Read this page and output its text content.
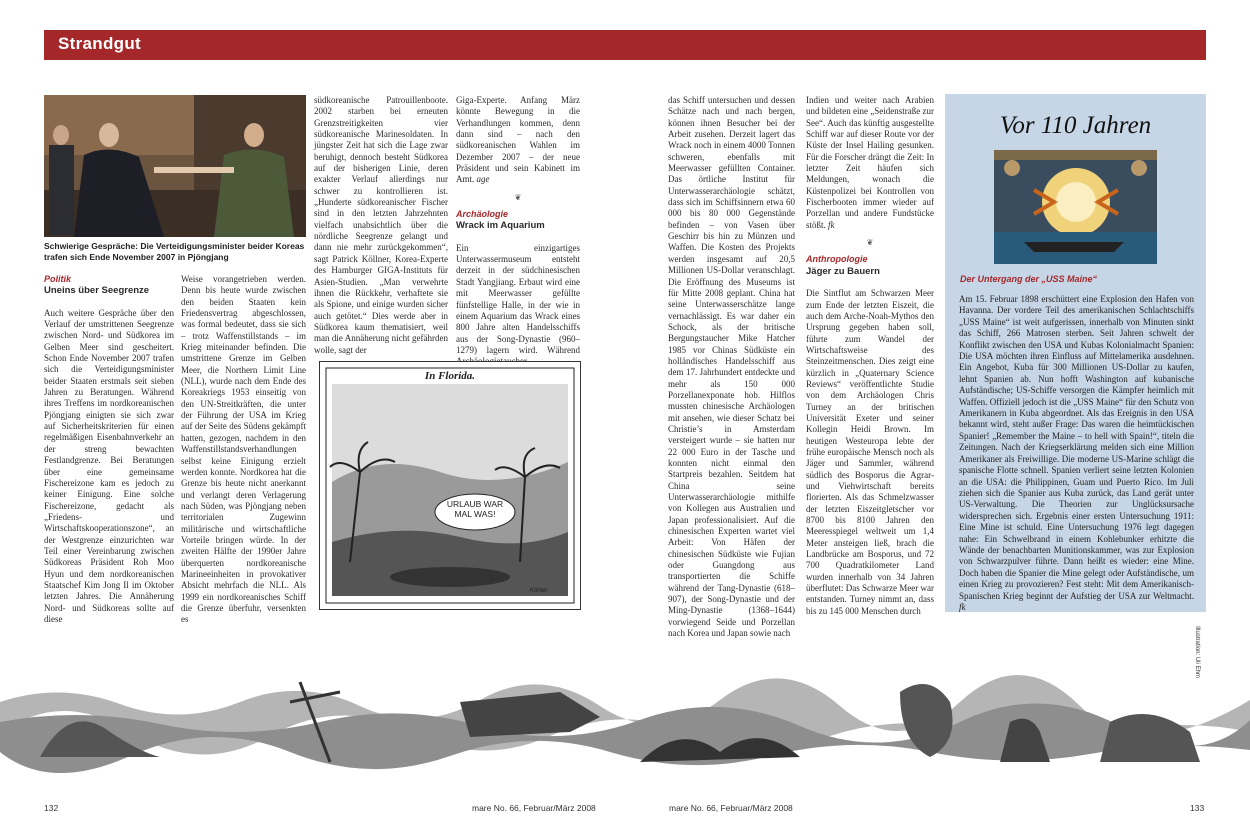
Strandgut
Schwierige Gespräche: Die Verteidigungsminister beider Koreas trafen sich Ende November 2007 in Pjöngjang
Politik
Uneins über Seegrenze
Auch weitere Gespräche über den Verlauf der umstrittenen Seegrenze zwischen Nord- und Südkorea im Gelben Meer sind gescheitert. Schon Ende November 2007 trafen sich die Verteidigungsminister beider Staaten erstmals seit sieben Jahren zu Beratungen. Während ihres Treffens im nordkoreanischen Pjöngjang einigten sie sich zwar auf Sicherheitskriterien für einen regelmäßigen Eisenbahnverkehr an der streng bewachten Festlandgrenze. Bei Beratungen über eine gemeinsame Fischereizone kam es jedoch zu keiner Einigung. Eine solche Fischereizone, gedacht als „Friedens- und Wirtschaftskooperationszone“, an der Westgrenze einzurichten war Teil einer Vereinbarung zwischen Südkoreas Präsident Roh Moo Hyun und dem nordkoreanischen Staatschef Kim Jong Il im Oktober letzten Jahres. Die Annäherung Nord- und Südkoreas sollte auf diese
Weise vorangetrieben werden. Denn bis heute wurde zwischen den beiden Staaten kein Friedensvertrag abgeschlossen, was formal bedeutet, dass sie sich – trotz Waffenstillstands – im Krieg miteinander befinden. Die umstrittene Grenze im Gelben Meer, die Northern Limit Line (NLL), wurde nach dem Ende des Koreakriegs 1953 einseitig von den UN-Streitkräften, die unter der Führung der USA im Krieg auf der Seite des Südens gekämpft hatten, gezogen, nachdem in den Waffenstillstandsverhandlungen selbst keine Einigung erzielt werden konnte. Nordkorea hat die Grenze bis heute nicht anerkannt und verlangt deren Verlagerung nach Süden, was Pjöngjang neben territorialen Zugewinn militärische und wirtschaftliche Vorteile bringen würde. In der zweiten Hälfte der 1990er Jahre überquerten nordkoreanische Marineeinheiten in provokativer Absicht mehrfach die NLL. Als 1999 ein nordkoreanisches Schiff die Grenze überfuhr, versenkten es
südkoreanische Patrouillenboote. 2002 starben bei erneuten Grenzstreitigkeiten vier südkoreanische Marinesoldaten. In jüngster Zeit hat sich die Lage zwar beruhigt, dennoch besteht Südkorea auf der bisherigen Linie, deren exakter Verlauf allerdings nur schwer zu kontrollieren ist. „Hunderte südkoreanischer Fischer sind in den letzten Jahrzehnten vielfach unabsichtlich über die nördliche Seegrenze gelangt und dann nie mehr zurückgekommen“, sagt Patrick Köllner, Korea-Experte des Hamburger GIGA-Instituts für Asien-Studien. „Man verwehrte ihnen die Rückkehr, verhaftete sie als Spione, und einige wurden sicher auch getötet.“ Dies werde aber in Südkorea kaum thematisiert, weil man die Annäherung nicht gefährden wolle, sagt der
Giga-Experte. Anfang März könnte Bewegung in die Verhandlungen kommen, denn dann sind – nach den südkoreanischen Wahlen im Dezember 2007 – der neue Präsident und sein Kabinett im Amt. age
❦
Archäologie
Wrack im Aquarium
Ein einzigartiges Unterwassermuseum entsteht derzeit in der südchinesischen Stadt Yangjiang. Erbaut wird eine mit Meerwasser gefüllte fünfstellige Halle, in der wie in einem Aquarium das Wrack eines 800 Jahre alten Handelsschiffs aus der Song-Dynastie (960–1279) lagern wird. Während
In Florida.
URLAUB WAR MAL WAS!
Köhler
das Schiff untersuchen und dessen Schätze nach und nach bergen, können ihnen Besucher bei der Arbeit zusehen. Derzeit lagert das Wrack noch in einem 4000 Tonnen schweren, ebenfalls mit Meerwasser gefüllten Container. Das örtliche Institut für Unterwasserarchäologie schätzt, dass sich im Schiffsinnern etwa 60 000 bis 80 000 Gegenstände befinden – von Vasen über Geschirr bis hin zu Münzen und Waffen. Die Kosten des Projekts werden insgesamt auf 20,5 Millionen US-Dollar veranschlagt. Die Eröffnung des Museums ist für Mitte 2008 geplant. China hat seine Unterwasserschätze lange vernachlässigt. Es war daher ein Schock, als der britische Bergungstaucher Mike Hatcher 1985 vor Chinas Südküste ein holländisches Handelsschiff aus dem 17. Jahrhundert entdeckte und mehr als 150 000 Porzellanexponate hob. Hilflos mussten chinesische Archäologen mit ansehen, wie dieser Schatz bei Christie’s in Amsterdam versteigert wurde – sie hatten nur 22 000 Euro in der Tasche und konnten nicht einmal den Startpreis bezahlen. Seitdem hat China seine Unterwasserarchäologie mithilfe von Kollegen aus Australien und Japan professionalisiert. Auf die chinesischen Experten wartet viel Arbeit: Von Häfen der chinesischen Südküste wie Fujian oder Guangdong aus transportierten die Schiffe während der Tang-Dynastie (618–907), der Song-Dynastie und der Ming-Dynastie (1368–1644) vorwiegend Seide und Porzellan nach Korea und Japan sowie nach
Indien und weiter nach Arabien und bildeten eine „Seidenstraße zur See“. Auch das künftig ausgestellte Schiff war auf dieser Route vor der Küste der Insel Hailing gesunken. Für die Forscher drängt die Zeit: In letzter Zeit häufen sich Meldungen, wonach die Küstenpolizei bei Kontrollen von Fischerbooten immer wieder auf Porzellan und andere Fundstücke stößt. fk
❦
Anthropologie
Jäger zu Bauern
Die Sintflut am Schwarzen Meer zum Ende der letzten Eiszeit, die auch dem Arche-Noah-Mythos den Ursprung gegeben haben soll, führte zum Wandel der Wirtschaftsweise des Steinzeitmenschen. Dies zeigt eine kürzlich in „Quaternary Science Reviews“ veröffentlichte Studie von dem Archäologen Chris Turney an der britischen Universität Exeter und seiner Kollegin Heidi Brown. Im heutigen Westeuropa lebte der frühe europäische Mensch noch als Jäger und Sammler, während südlich des Bosporus die Agrar- und Viehwirtschaft bereits florierten. Als das Schmelzwasser der letzten Eiszeitgletscher vor 8700 bis 8100 Jahren den Meeresspiegel weltweit um 1,4 Meter ansteigen ließ, brach die Landbrücke am Bosporus, und 72 700 Quadratkilometer Land wurden innerhalb von 34 Jahren überflutet: Das Schwarze Meer war entstanden. Turney nimmt an, dass bis zu 145 000 Menschen durch
Vor 110 Jahren
Der Untergang der „USS Maine“
Am 15. Februar 1898 erschüttert eine Explosion den Hafen von Havanna. Der vordere Teil des amerikanischen Schlachtschiffs „USS Maine“ ist weit aufgerissen, innerhalb von Minuten sinkt das Schiff, 266 Matrosen sterben. Seit Jahren schwelt der Konflikt zwischen den USA und Kubas Kolonialmacht Spanien: Die USA möchten ihren Einfluss auf Mittelamerika ausdehnen. Ein Angebot, Kuba für 300 Millionen US-Dollar zu kaufen, lehnt Spanien ab. Nun hofft Washington auf kubanische Aufständische; US-Schiffe versorgen die Kämpfer heimlich mit Waffen. Offiziell jedoch ist die „USS Maine“ für den Schutz von Amerikanern in Kuba abgeordnet. Als das Ereignis in den USA bekannt wird, steht außer Frage: Das waren die heimtückischen Spanier! „Remember the Maine – to hell with Spain!“, titeln die Zeitungen. Nach der Kriegserklärung melden sich eine Million Amerikaner als Freiwillige. Die moderne US-Marine schlägt die spanische Flotte schnell. Spanien verliert seine letzten Kolonien an die USA: die Philippinen, Guam und Puerto Rico. Im Juli ziehen sich die Spanier aus Kuba zurück, das Land gerät unter US-Verwaltung. Die Theorien zur Unglücksursache widersprechen sich. Ergebnis einer ersten Untersuchung 1911: Eine Mine ist schuld. Eine Untersuchung 1976 legt dagegen nahe: Ein Schwelbrand in einem Kohlebunker erhitzte die Wände der benachbarten Munitionskammer, was zur Explosion von Schwarzpulver führte. Dann heißt es wieder: eine Mine. Doch haben die Spanier die Mine gelegt oder Aufständische, um einen Krieg zu provozieren? Fest steht: Mit dem Amerikanisch-Spanischen Krieg beginnt der Aufstieg der USA zur Weltmacht. fk
Illustration: Uli Ehm
132	mare No. 66, Februar/März 2008	mare No. 66, Februar/März 2008	133
